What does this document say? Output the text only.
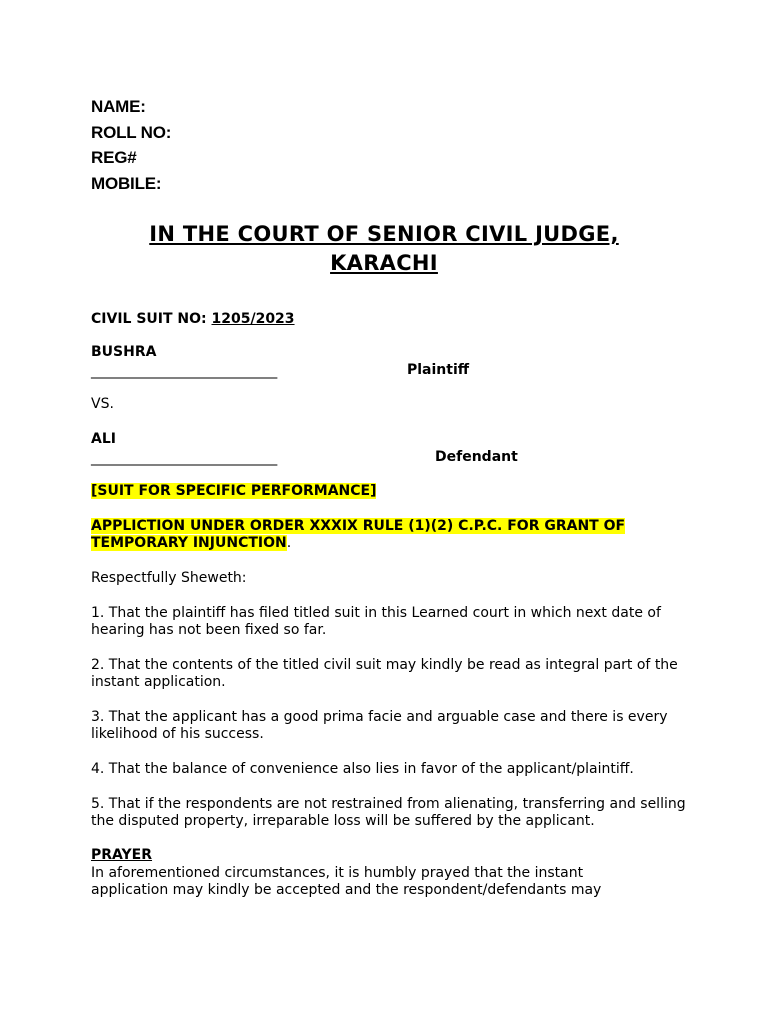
NAME:
ROLL NO:
REG#
MOBILE:
IN THE COURT OF SENIOR CIVIL JUDGE,
KARACHI
CIVIL SUIT NO: 1205/2023
BUSHRA
_____________________________	Plaintiff
VS.
ALI
_____________________________	Defendant
[SUIT FOR SPECIFIC PERFORMANCE]
APPLICTION UNDER ORDER XXXIX RULE (1)(2) C.P.C. FOR GRANT OF
TEMPORARY INJUNCTION.
Respectfully Sheweth:
1. That the plaintiff has filed titled suit in this Learned court in which next date of hearing has not been fixed so far.
2. That the contents of the titled civil suit may kindly be read as integral part of the instant application.
3. That the applicant has a good prima facie and arguable case and there is every likelihood of his success.
4. That the balance of convenience also lies in favor of the applicant/plaintiff.
5. That if the respondents are not restrained from alienating, transferring and selling the disputed property, irreparable loss will be suffered by the applicant.
PRAYER
In aforementioned circumstances, it is humbly prayed that the instant application may kindly be accepted and the respondent/defendants may
